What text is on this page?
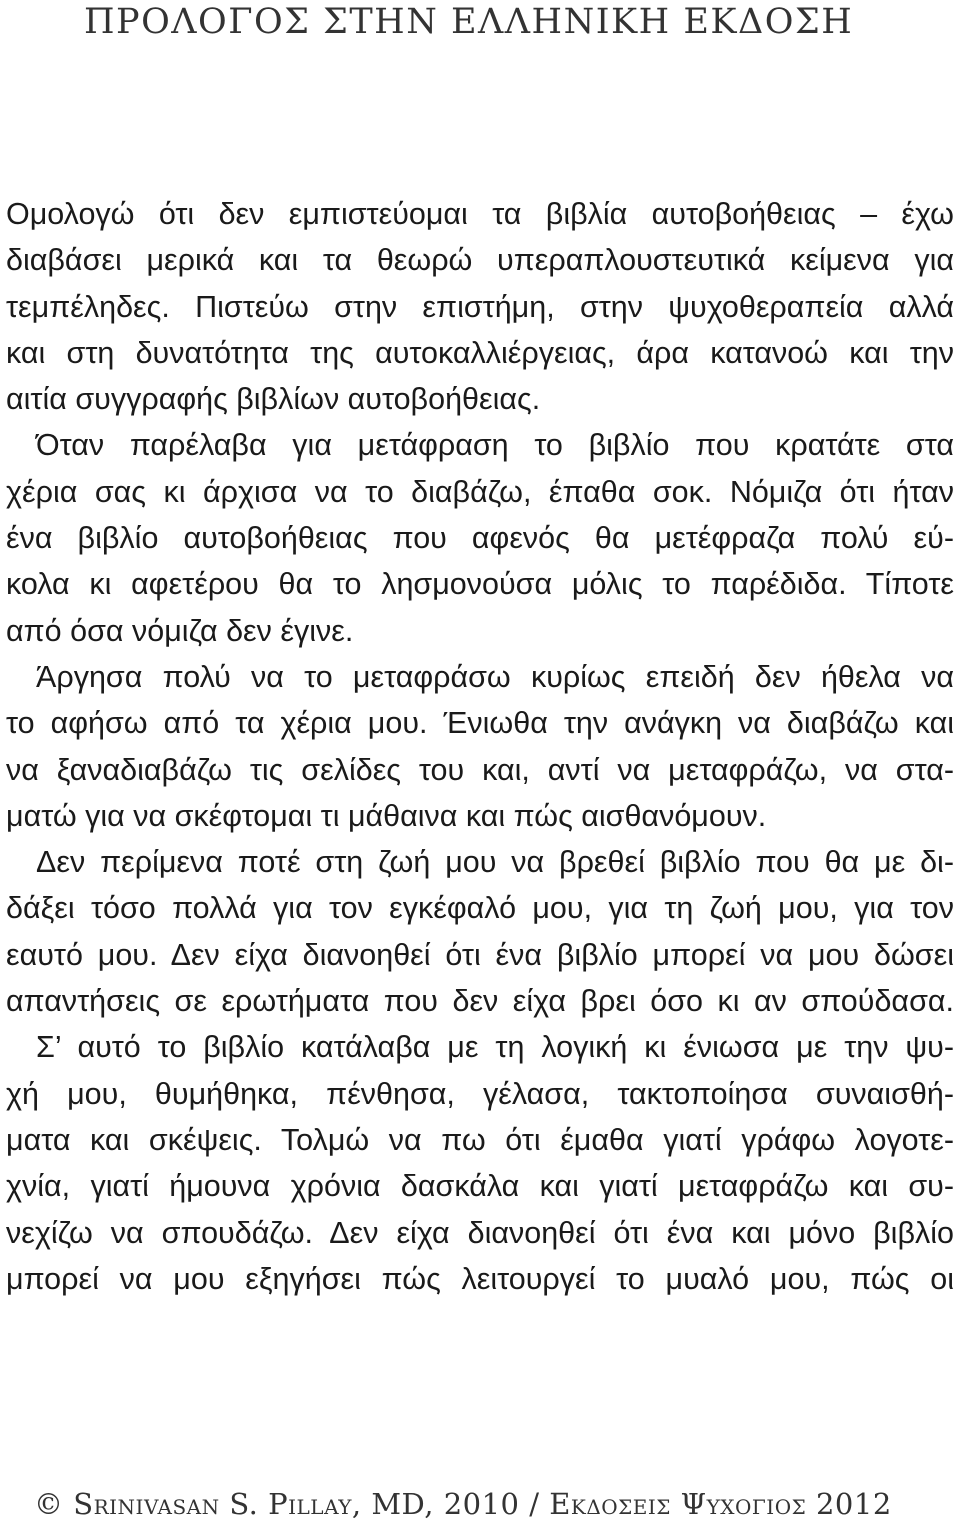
ΠΡΟΛΟΓΟΣ ΣΤΗΝ ΕΛΛΗΝΙΚΗ ΕΚΔΟΣΗ
Ομολογώ ότι δεν εμπιστεύομαι τα βιβλία αυτοβοήθειας – έχω
διαβάσει μερικά και τα θεωρώ υπεραπλουστευτικά κείμενα για
τεμπέληδες. Πιστεύω στην επιστήμη, στην ψυχοθεραπεία αλλά
και στη δυνατότητα της αυτοκαλλιέργειας, άρα κατανοώ και την
αιτία συγγραφής βιβλίων αυτοβοήθειας.
Όταν παρέλαβα για μετάφραση το βιβλίο που κρατάτε στα
χέρια σας κι άρχισα να το διαβάζω, έπαθα σοκ. Νόμιζα ότι ήταν
ένα βιβλίο αυτοβοήθειας που αφενός θα μετέφραζα πολύ εύ-
κολα κι αφετέρου θα το λησμονούσα μόλις το παρέδιδα. Τίποτε
από όσα νόμιζα δεν έγινε.
Άργησα πολύ να το μεταφράσω κυρίως επειδή δεν ήθελα να
το αφήσω από τα χέρια μου. Ένιωθα την ανάγκη να διαβάζω και
να ξαναδιαβάζω τις σελίδες του και, αντί να μεταφράζω, να στα-
ματώ για να σκέφτομαι τι μάθαινα και πώς αισθανόμουν.
Δεν περίμενα ποτέ στη ζωή μου να βρεθεί βιβλίο που θα με δι-
δάξει τόσο πολλά για τον εγκέφαλό μου, για τη ζωή μου, για τον
εαυτό μου. Δεν είχα διανοηθεί ότι ένα βιβλίο μπορεί να μου δώσει
απαντήσεις σε ερωτήματα που δεν είχα βρει όσο κι αν σπούδασα.
Σ’ αυτό το βιβλίο κατάλαβα με τη λογική κι ένιωσα με την ψυ-
χή μου, θυμήθηκα, πένθησα, γέλασα, τακτοποίησα συναισθή-
ματα και σκέψεις. Τολμώ να πω ότι έμαθα γιατί γράφω λογοτε-
χνία, γιατί ήμουνα χρόνια δασκάλα και γιατί μεταφράζω και συ-
νεχίζω να σπουδάζω. Δεν είχα διανοηθεί ότι ένα και μόνο βιβλίο
μπορεί να μου εξηγήσει πώς λειτουργεί το μυαλό μου, πώς οι
© Srinivasan S. Pillay, MD, 2010 / Εκδοσεις Ψυχογιος 2012
